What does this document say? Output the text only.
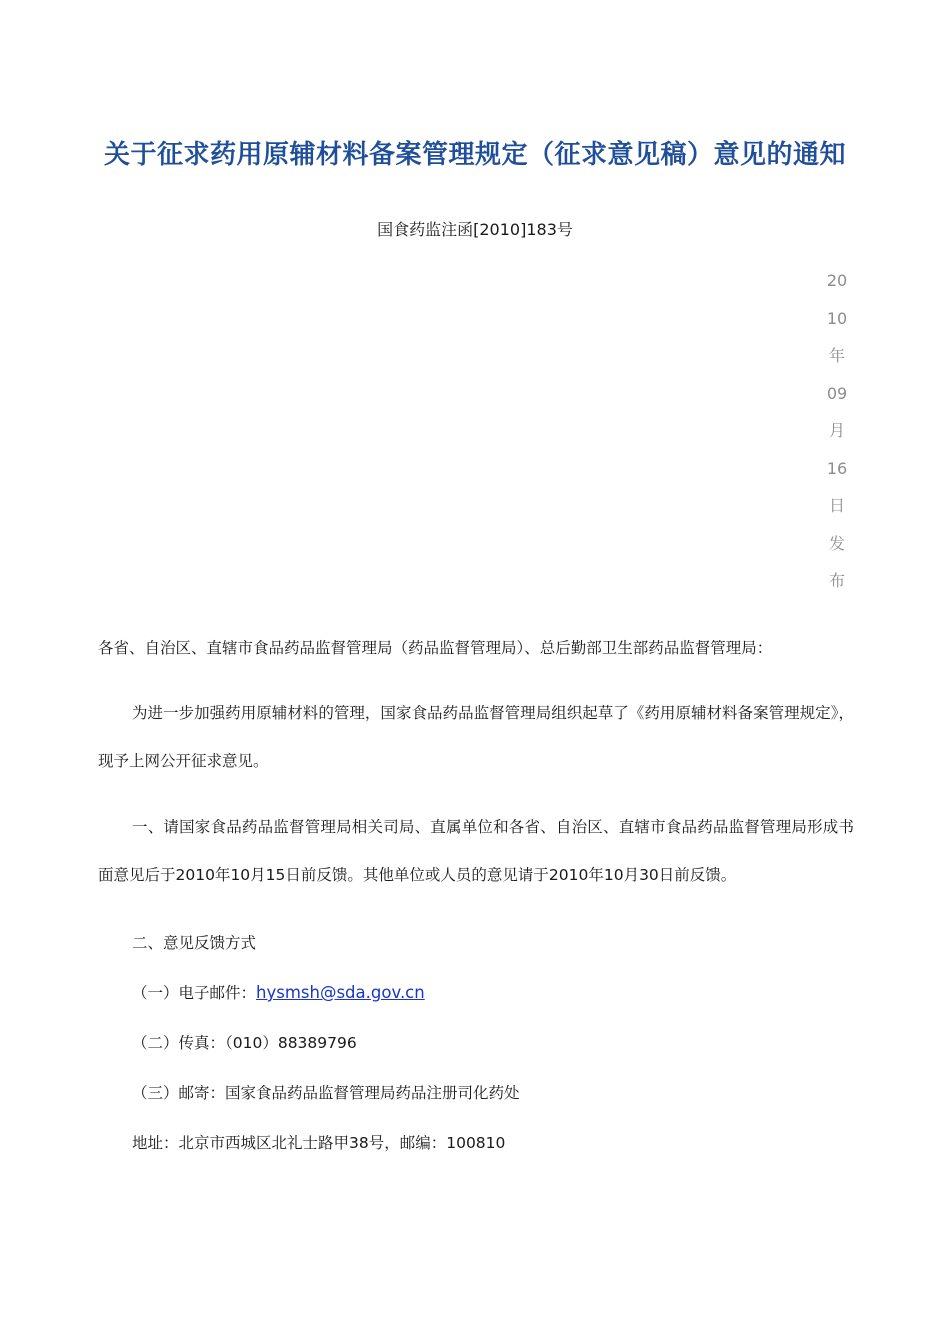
关于征求药用原辅材料备案管理规定（征求意见稿）意见的通知
国食药监注函[2010]183号
20
10
年
09
月
16
日
发
布

各省、自治区、直辖市食品药品监督管理局（药品监督管理局）、总后勤部卫生部药品监督管理局：

为进一步加强药用原辅材料的管理，国家食品药品监督管理局组织起草了《药用原辅材料备案管理规定》，现予上网公开征求意见。

一、请国家食品药品监督管理局相关司局、直属单位和各省、自治区、直辖市食品药品监督管理局形成书面意见后于2010年10月15日前反馈。其他单位或人员的意见请于2010年10月30日前反馈。

二、意见反馈方式

（一）电子邮件：hysmsh@sda.gov.cn

（二）传真：（010）88389796

（三）邮寄：国家食品药品监督管理局药品注册司化药处

地址：北京市西城区北礼士路甲38号，邮编：100810
